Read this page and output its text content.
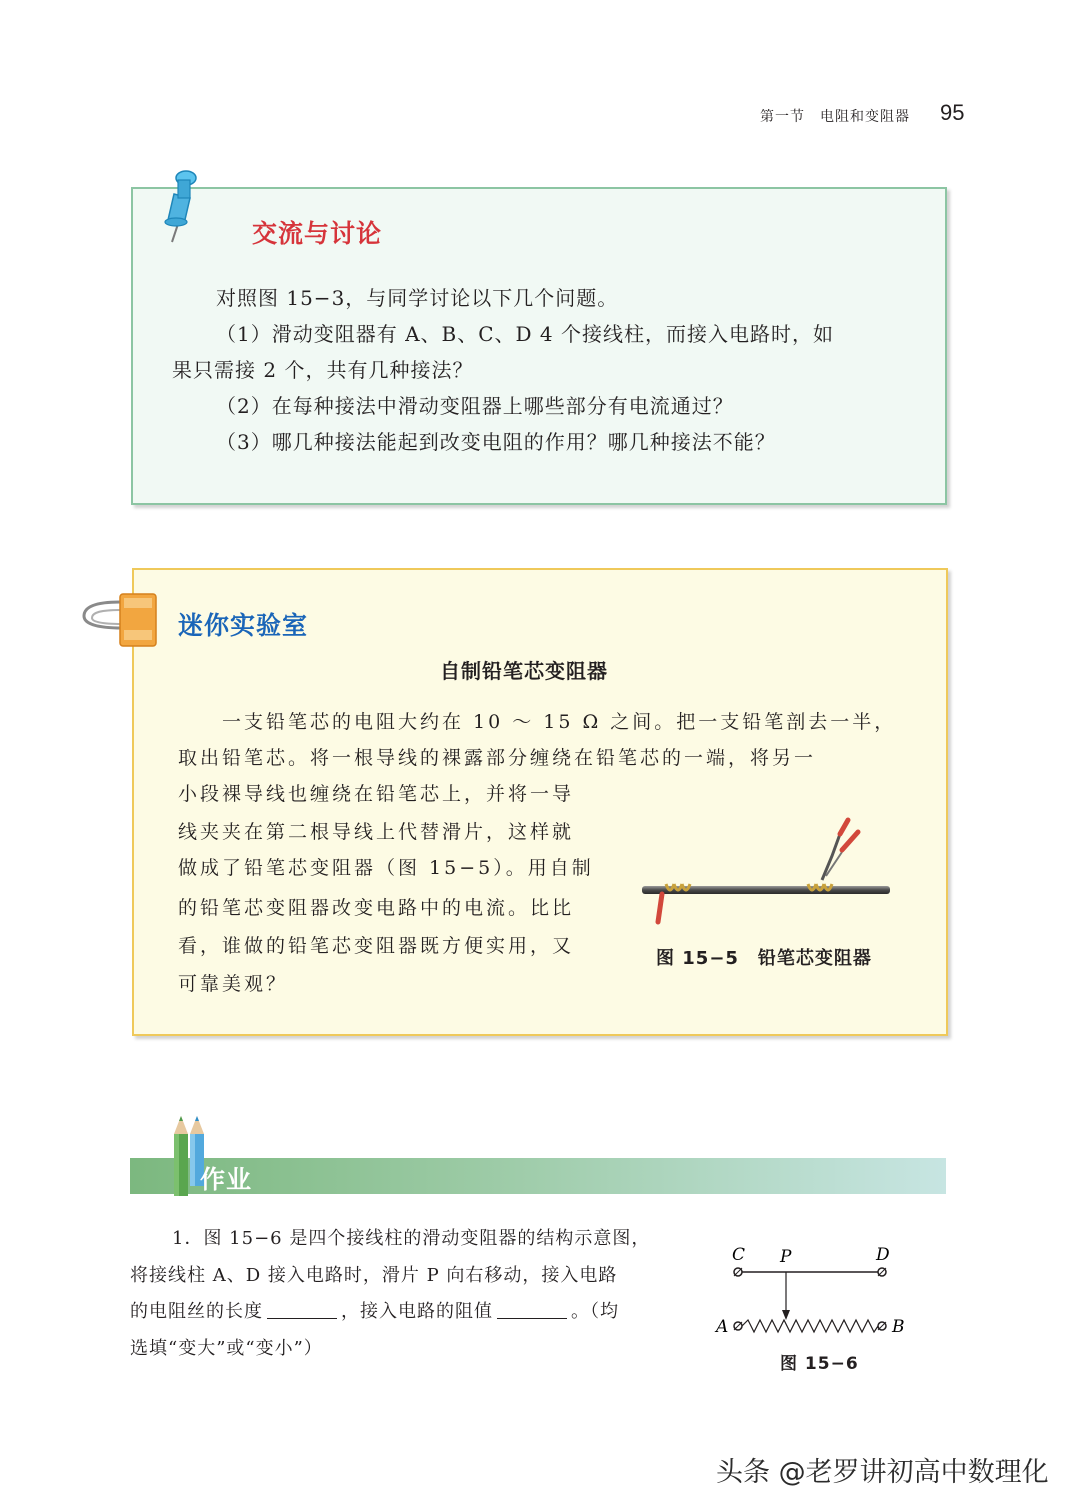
第一节　电阻和变阻器 95
交流与讨论
对照图 15−3，与同学讨论以下几个问题。
（1）滑动变阻器有 A、B、C、D 4 个接线柱，而接入电路时，如
果只需接 2 个，共有几种接法？
（2）在每种接法中滑动变阻器上哪些部分有电流通过？
（3）哪几种接法能起到改变电阻的作用？哪几种接法不能？
迷你实验室
自制铅笔芯变阻器
一支铅笔芯的电阻大约在 10 ～ 15 Ω 之间。把一支铅笔剖去一半，
取出铅笔芯。将一根导线的裸露部分缠绕在铅笔芯的一端，将另一
小段裸导线也缠绕在铅笔芯上，并将一导
线夹夹在第二根导线上代替滑片，这样就
做成了铅笔芯变阻器（图 15−5）。用自制
的铅笔芯变阻器改变电路中的电流。比比
看，谁做的铅笔芯变阻器既方便实用，又
可靠美观？
图 15−5　铅笔芯变阻器
作业
1．图 15−6 是四个接线柱的滑动变阻器的结构示意图，
将接线柱 A、D 接入电路时，滑片 P 向右移动，接入电路
的电阻丝的长度	，接入电路的阻值	。（均
选填“变大”或“变小”）
C P	D
A	B
图 15−6
头条 @老罗讲初高中数理化
